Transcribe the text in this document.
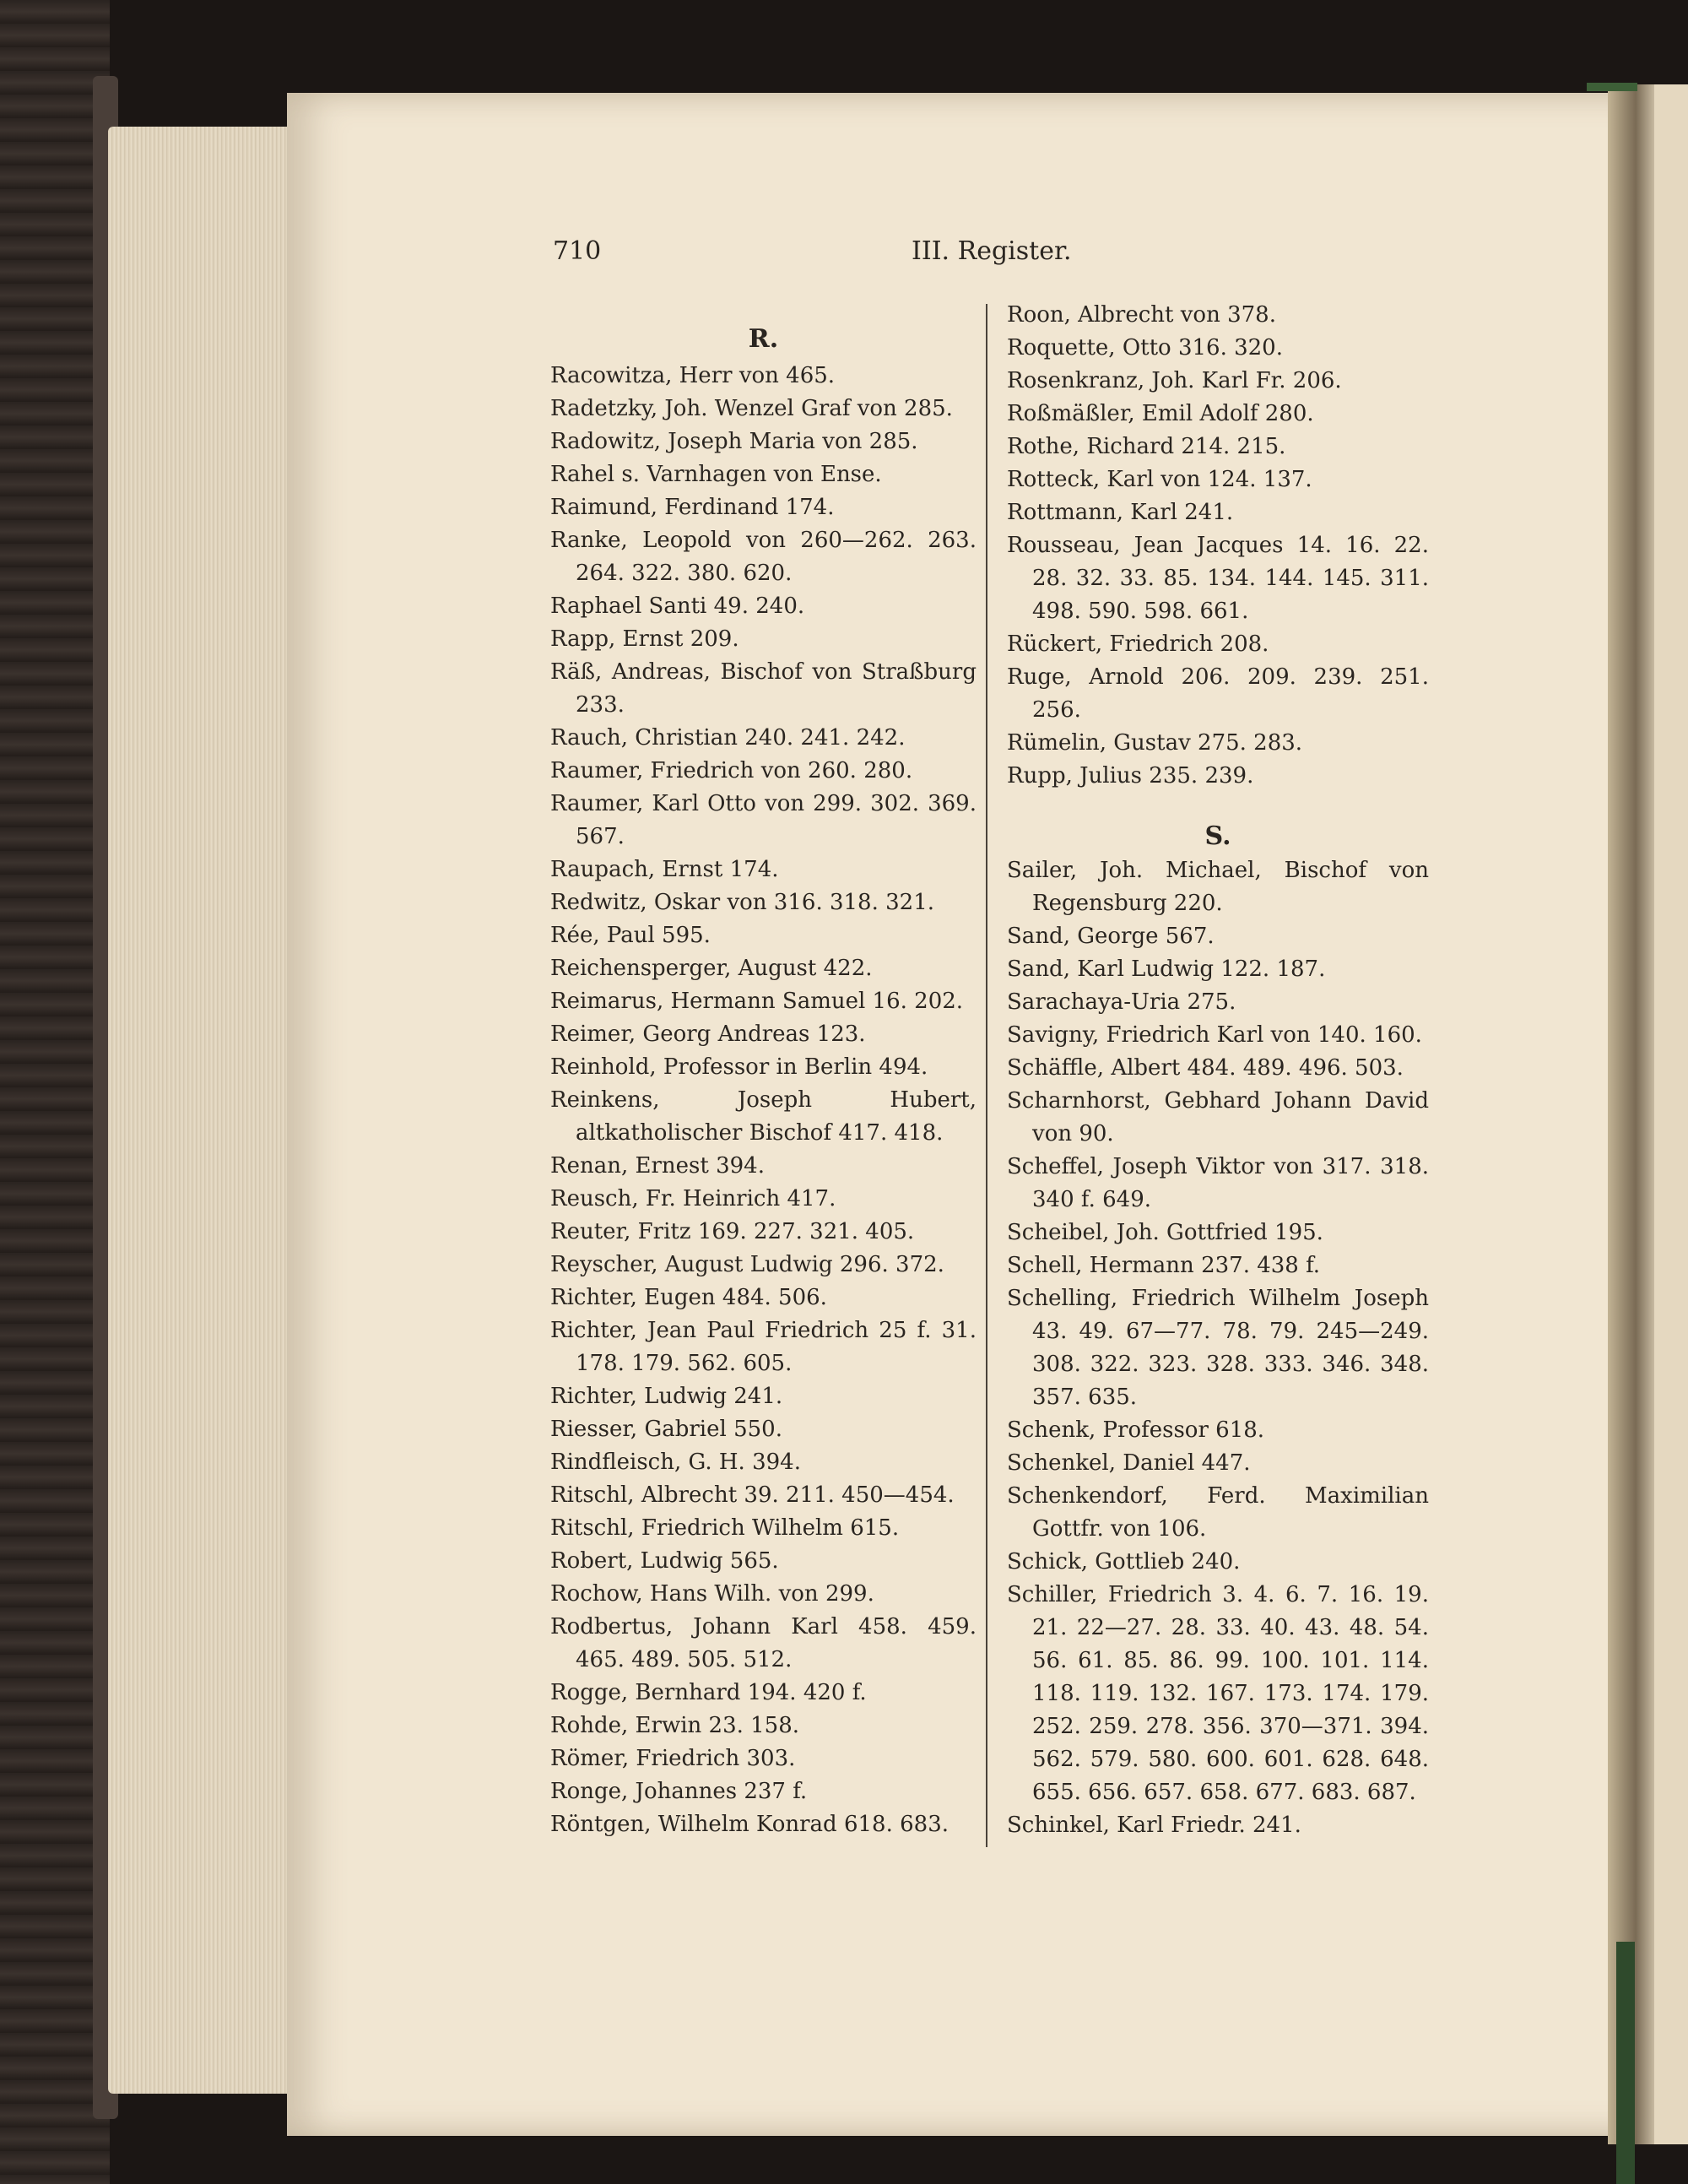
710	III. Register.
R.

Racowitza, Herr von 465.

Radetzky, Joh. Wenzel Graf von 285.

Radowitz, Joseph Maria von 285.

Rahel s. Varnhagen von Ense.

Raimund, Ferdinand 174.

Ranke, Leopold von 260—262. 263. 264. 322. 380. 620.

Raphael Santi 49. 240.

Rapp, Ernst 209.

Räß, Andreas, Bischof von Straßburg 233.

Rauch, Christian 240. 241. 242.

Raumer, Friedrich von 260. 280.

Raumer, Karl Otto von 299. 302. 369. 567.

Raupach, Ernst 174.

Redwitz, Oskar von 316. 318. 321.

Rée, Paul 595.

Reichensperger, August 422.

Reimarus, Hermann Samuel 16. 202.

Reimer, Georg Andreas 123.

Reinhold, Professor in Berlin 494.

Reinkens, Joseph Hubert, altkatholischer Bischof 417. 418.

Renan, Ernest 394.

Reusch, Fr. Heinrich 417.

Reuter, Fritz 169. 227. 321. 405.

Reyscher, August Ludwig 296. 372.

Richter, Eugen 484. 506.

Richter, Jean Paul Friedrich 25 f. 31. 178. 179. 562. 605.

Richter, Ludwig 241.

Riesser, Gabriel 550.

Rindfleisch, G. H. 394.

Ritschl, Albrecht 39. 211. 450—454.

Ritschl, Friedrich Wilhelm 615.

Robert, Ludwig 565.

Rochow, Hans Wilh. von 299.

Rodbertus, Johann Karl 458. 459. 465. 489. 505. 512.

Rogge, Bernhard 194. 420 f.

Rohde, Erwin 23. 158.

Römer, Friedrich 303.

Ronge, Johannes 237 f.

Röntgen, Wilhelm Konrad 618. 683.

Roon, Albrecht von 378.

Roquette, Otto 316. 320.

Rosenkranz, Joh. Karl Fr. 206.

Roßmäßler, Emil Adolf 280.

Rothe, Richard 214. 215.

Rotteck, Karl von 124. 137.

Rottmann, Karl 241.

Rousseau, Jean Jacques 14. 16. 22. 28. 32. 33. 85. 134. 144. 145. 311. 498. 590. 598. 661.

Rückert, Friedrich 208.

Ruge, Arnold 206. 209. 239. 251. 256.

Rümelin, Gustav 275. 283.

Rupp, Julius 235. 239.

S.

Sailer, Joh. Michael, Bischof von Regensburg 220.

Sand, George 567.

Sand, Karl Ludwig 122. 187.

Sarachaya-Uria 275.

Savigny, Friedrich Karl von 140. 160.

Schäffle, Albert 484. 489. 496. 503.

Scharnhorst, Gebhard Johann David von 90.

Scheffel, Joseph Viktor von 317. 318. 340 f. 649.

Scheibel, Joh. Gottfried 195.

Schell, Hermann 237. 438 f.

Schelling, Friedrich Wilhelm Joseph 43. 49. 67—77. 78. 79. 245—249. 308. 322. 323. 328. 333. 346. 348. 357. 635.

Schenk, Professor 618.

Schenkel, Daniel 447.

Schenkendorf, Ferd. Maximilian Gottfr. von 106.

Schick, Gottlieb 240.

Schiller, Friedrich 3. 4. 6. 7. 16. 19. 21. 22—27. 28. 33. 40. 43. 48. 54. 56. 61. 85. 86. 99. 100. 101. 114. 118. 119. 132. 167. 173. 174. 179. 252. 259. 278. 356. 370—371. 394. 562. 579. 580. 600. 601. 628. 648. 655. 656. 657. 658. 677. 683. 687.

Schinkel, Karl Friedr. 241.
